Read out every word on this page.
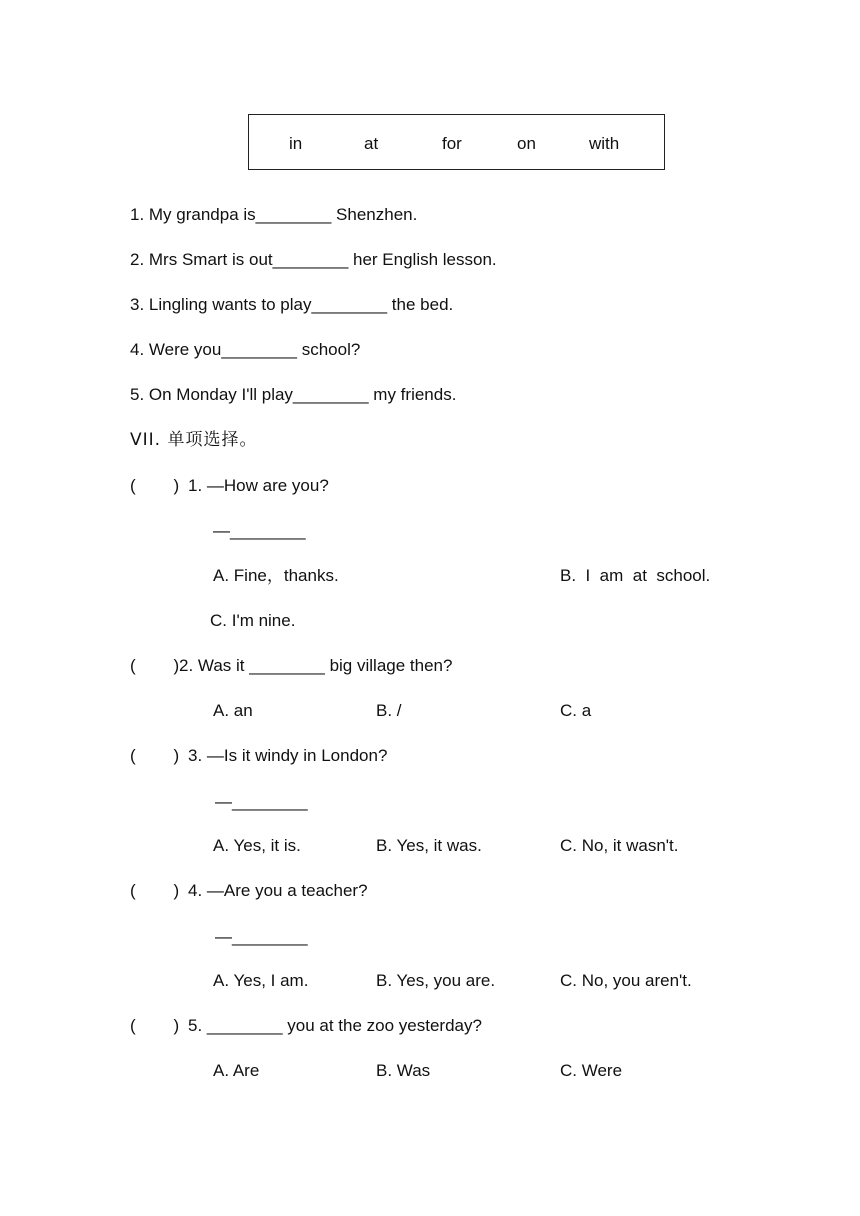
in	at	for	on	with
1. My grandpa is________ Shenzhen.
2. Mrs Smart is out________ her English lesson.
3. Lingling wants to play________ the bed.
4. Were you________ school?
5. On Monday I'll play________ my friends.
VII. 单项选择。
(        ) 1. —How are you?
—________
A. Fine，thanks.	B.  I  am  at  school.
C. I'm nine.
(        ) 2. Was it ________ big village then?
A. an	B. /	C. a
(        ) 3. —Is it windy in London?
—________
A. Yes, it is.	B. Yes, it was.	C. No, it wasn't.
(        ) 4. —Are you a teacher?
—________
A. Yes, I am.	B. Yes, you are.	C. No, you aren't.
(        ) 5. ________ you at the zoo yesterday?
A. Are	B. Was	C. Were
